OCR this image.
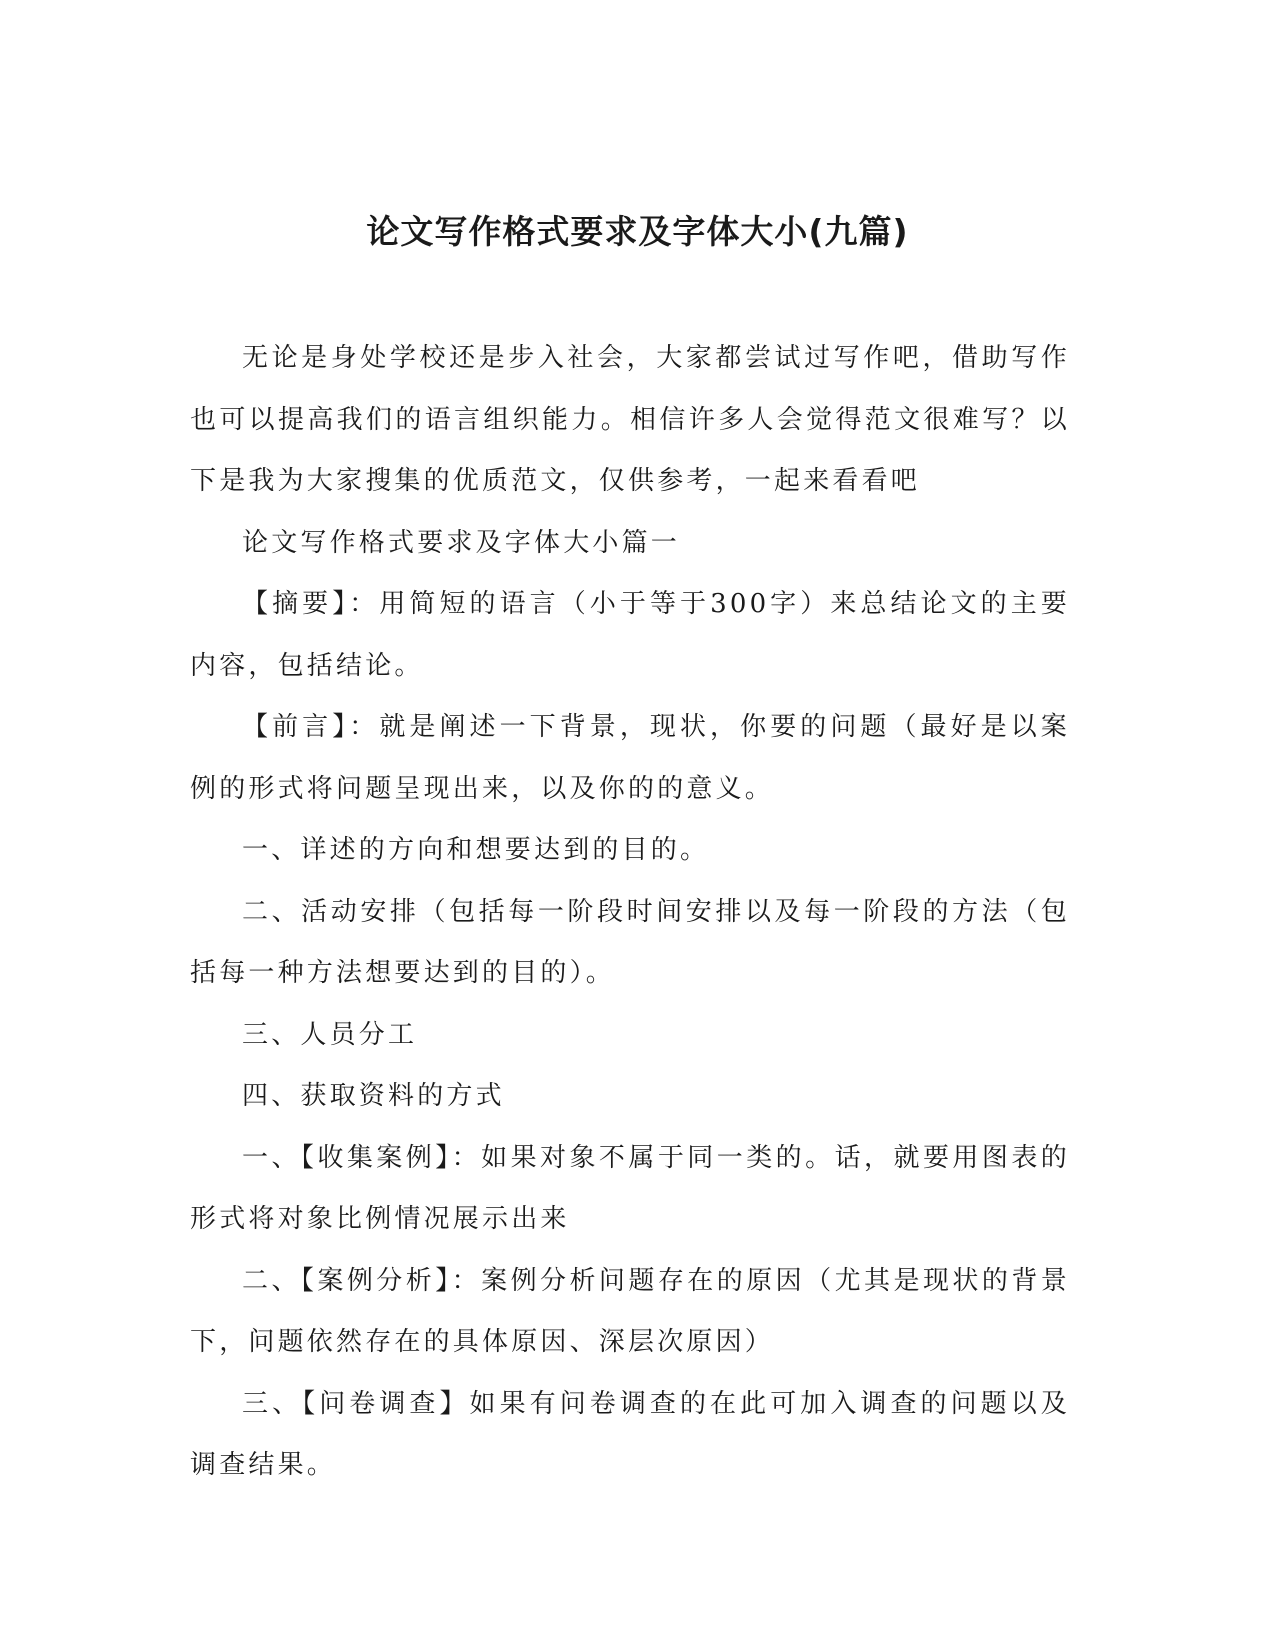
论文写作格式要求及字体大小(九篇)

无论是身处学校还是步入社会，大家都尝试过写作吧，借助写作也可以提高我们的语言组织能力。相信许多人会觉得范文很难写？以下是我为大家搜集的优质范文，仅供参考，一起来看看吧

论文写作格式要求及字体大小篇一

【摘要】：用简短的语言（小于等于300字）来总结论文的主要内容，包括结论。

【前言】：就是阐述一下背景，现状，你要的问题（最好是以案例的形式将问题呈现出来，以及你的的意义。

一、详述的方向和想要达到的目的。

二、活动安排（包括每一阶段时间安排以及每一阶段的方法（包括每一种方法想要达到的目的）。

三、人员分工

四、获取资料的方式

一、【收集案例】：如果对象不属于同一类的。话，就要用图表的形式将对象比例情况展示出来

二、【案例分析】：案例分析问题存在的原因（尤其是现状的背景下，问题依然存在的具体原因、深层次原因）

三、【问卷调查】如果有问卷调查的在此可加入调查的问题以及调查结果。
